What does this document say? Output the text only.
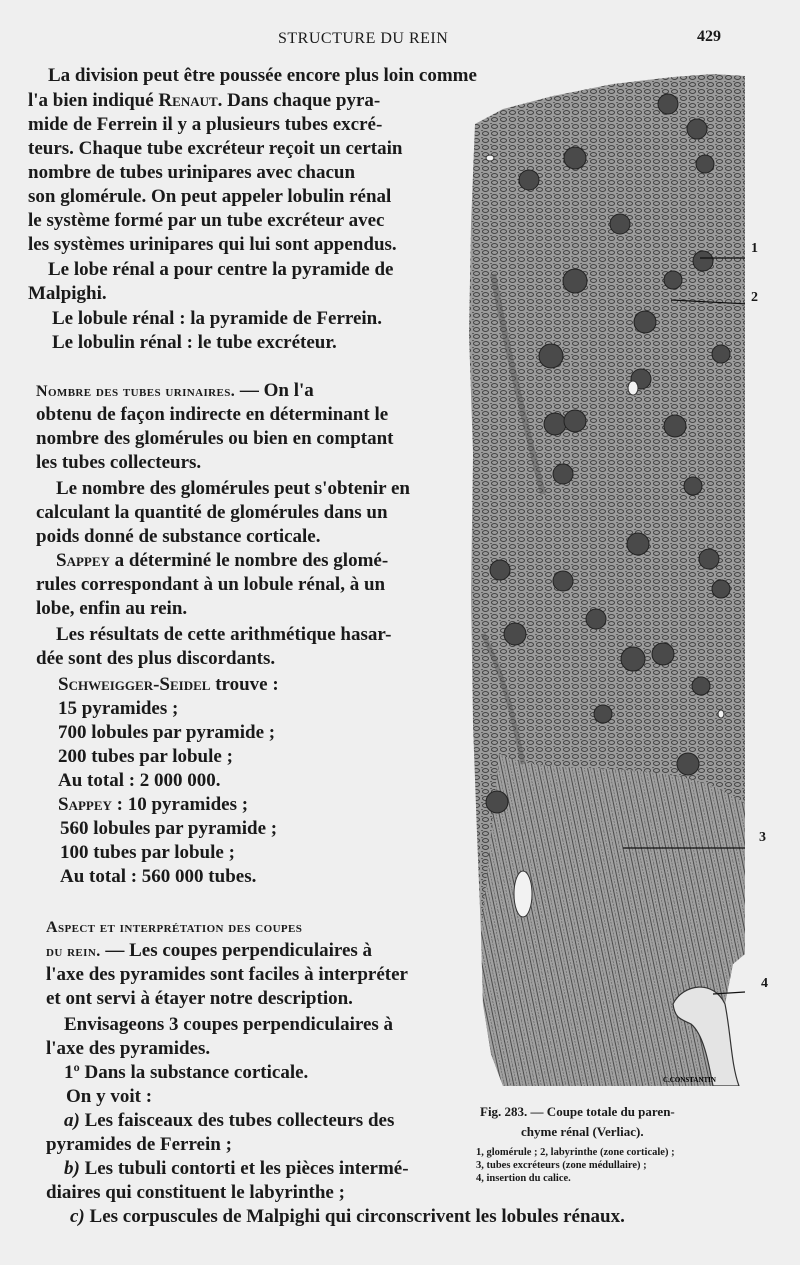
STRUCTURE DU REIN	429
La division peut être poussée encore plus loin comme
l'a bien indiqué Renaut. Dans chaque pyra-
mide de Ferrein il y a plusieurs tubes excré-
teurs. Chaque tube excréteur reçoit un certain
nombre de tubes urinipares avec chacun
son glomérule. On peut appeler lobulin rénal
le système formé par un tube excréteur avec
les systèmes urinipares qui lui sont appendus.
Le lobe rénal a pour centre la pyramide de
Malpighi.
Le lobule rénal : la pyramide de Ferrein.
Le lobulin rénal : le tube excréteur.
Nombre des tubes urinaires. — On l'a
obtenu de façon indirecte en déterminant le
nombre des glomérules ou bien en comptant
les tubes collecteurs.
Le nombre des glomérules peut s'obtenir en
calculant la quantité de glomérules dans un
poids donné de substance corticale.
Sappey a déterminé le nombre des glomé-
rules correspondant à un lobule rénal, à un
lobe, enfin au rein.
Les résultats de cette arithmétique hasar-
dée sont des plus discordants.
Schweigger-Seidel trouve :
15 pyramides ;
700 lobules par pyramide ;
200 tubes par lobule ;
Au total : 2 000 000.
Sappey : 10 pyramides ;
560 lobules par pyramide ;
100 tubes par lobule ;
Au total : 560 000 tubes.
Aspect et interprétation des coupes
du rein. — Les coupes perpendiculaires à
l'axe des pyramides sont faciles à interpréter
et ont servi à étayer notre description.
Envisageons 3 coupes perpendiculaires à
l'axe des pyramides.
1º Dans la substance corticale.
On y voit :
a) Les faisceaux des tubes collecteurs des
pyramides de Ferrein ;
b) Les tubuli contorti et les pièces intermé-
diaires qui constituent le labyrinthe ;
c) Les corpuscules de Malpighi qui circonscrivent les lobules rénaux.
C.CONSTANTIN
1
2
3
4
Fig. 283. — Coupe totale du paren-
chyme rénal (Verliac).
1, glomérule ; 2, labyrinthe (zone corticale) ;
3, tubes excréteurs (zone médullaire) ;
4, insertion du calice.
